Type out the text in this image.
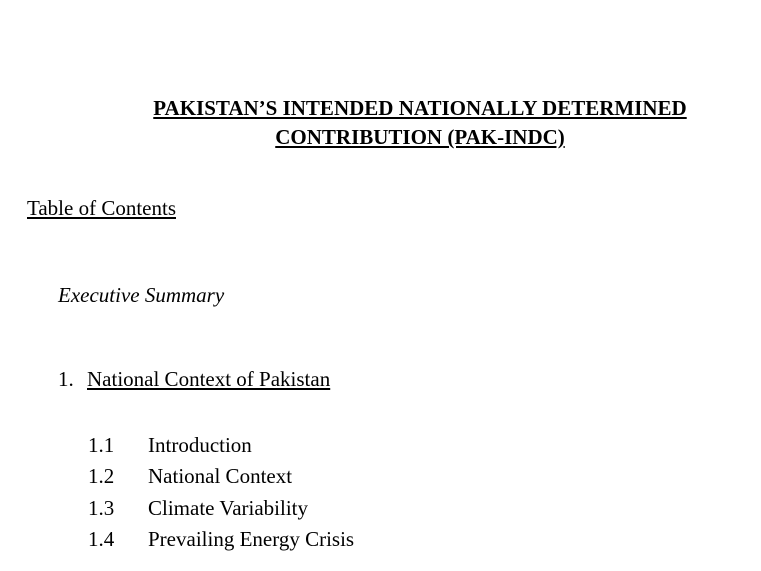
PAKISTAN’S INTENDED NATIONALLY DETERMINED
CONTRIBUTION (PAK-INDC)
Table of Contents
Executive Summary
1. National Context of Pakistan
1.1 Introduction
1.2 National Context
1.3 Climate Variability
1.4 Prevailing Energy Crisis
